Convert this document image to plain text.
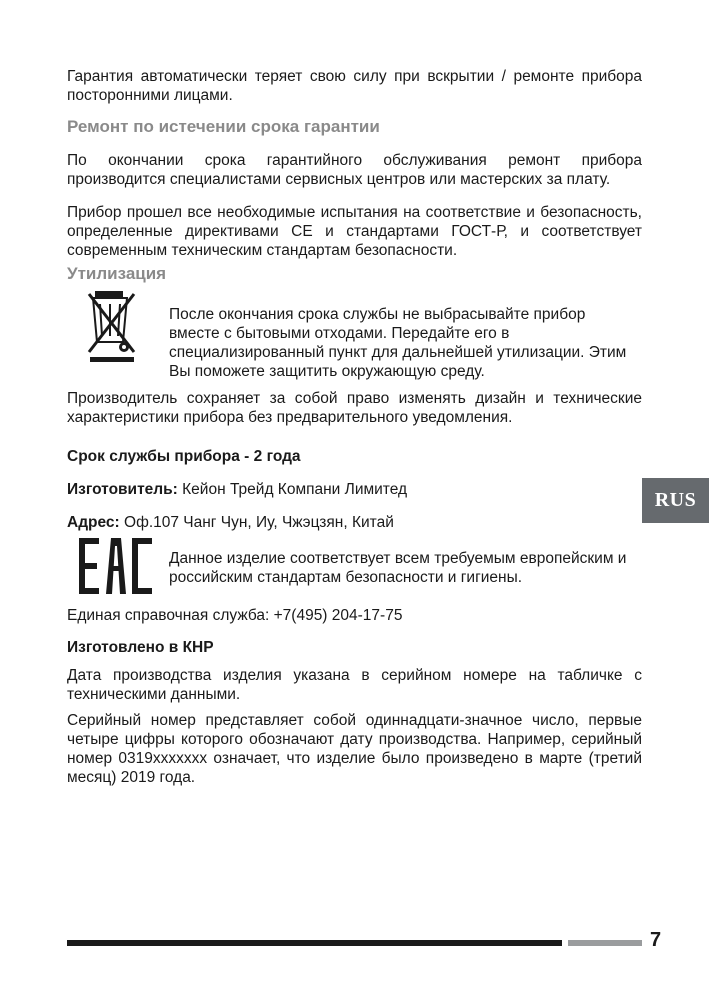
Гарантия автоматически теряет свою силу при вскрытии / ремонте прибора посторонними лицами.

Ремонт по истечении срока гарантии

По окончании срока гарантийного обслуживания ремонт прибора производится специалистами сервисных центров или мастерских за плату.

Прибор прошел все необходимые испытания на соответствие и безопасность, определенные директивами CE и стандартами ГОСТ-Р, и соответствует современным техническим стандартам безопасности.

Утилизация

После окончания срока службы не выбрасывайте прибор вместе с бытовыми отходами. Передайте его в специализированный пункт для дальнейшей утилизации. Этим Вы поможете защитить окружающую среду.

Производитель сохраняет за собой право изменять дизайн и технические характеристики прибора без предварительного уведомления.

Срок службы прибора - 2 года

Изготовитель: Кейон Трейд Компани Лимитед

Адрес: Оф.107 Чанг Чун, Иу, Чжэцзян, Китай

Данное изделие соответствует всем требуемым европейским и российским стандартам безопасности и гигиены.

Единая справочная служба: +7(495) 204-17-75

Изготовлено в КНР

Дата производства изделия указана в серийном номере на табличке с техническими данными.

Серийный номер представляет собой одиннадцати-значное число, первые четыре цифры которого обозначают дату производства. Например, серийный номер 0319xxxxxxx означает, что изделие было произведено в марте (третий месяц) 2019 года.

RUS
7
